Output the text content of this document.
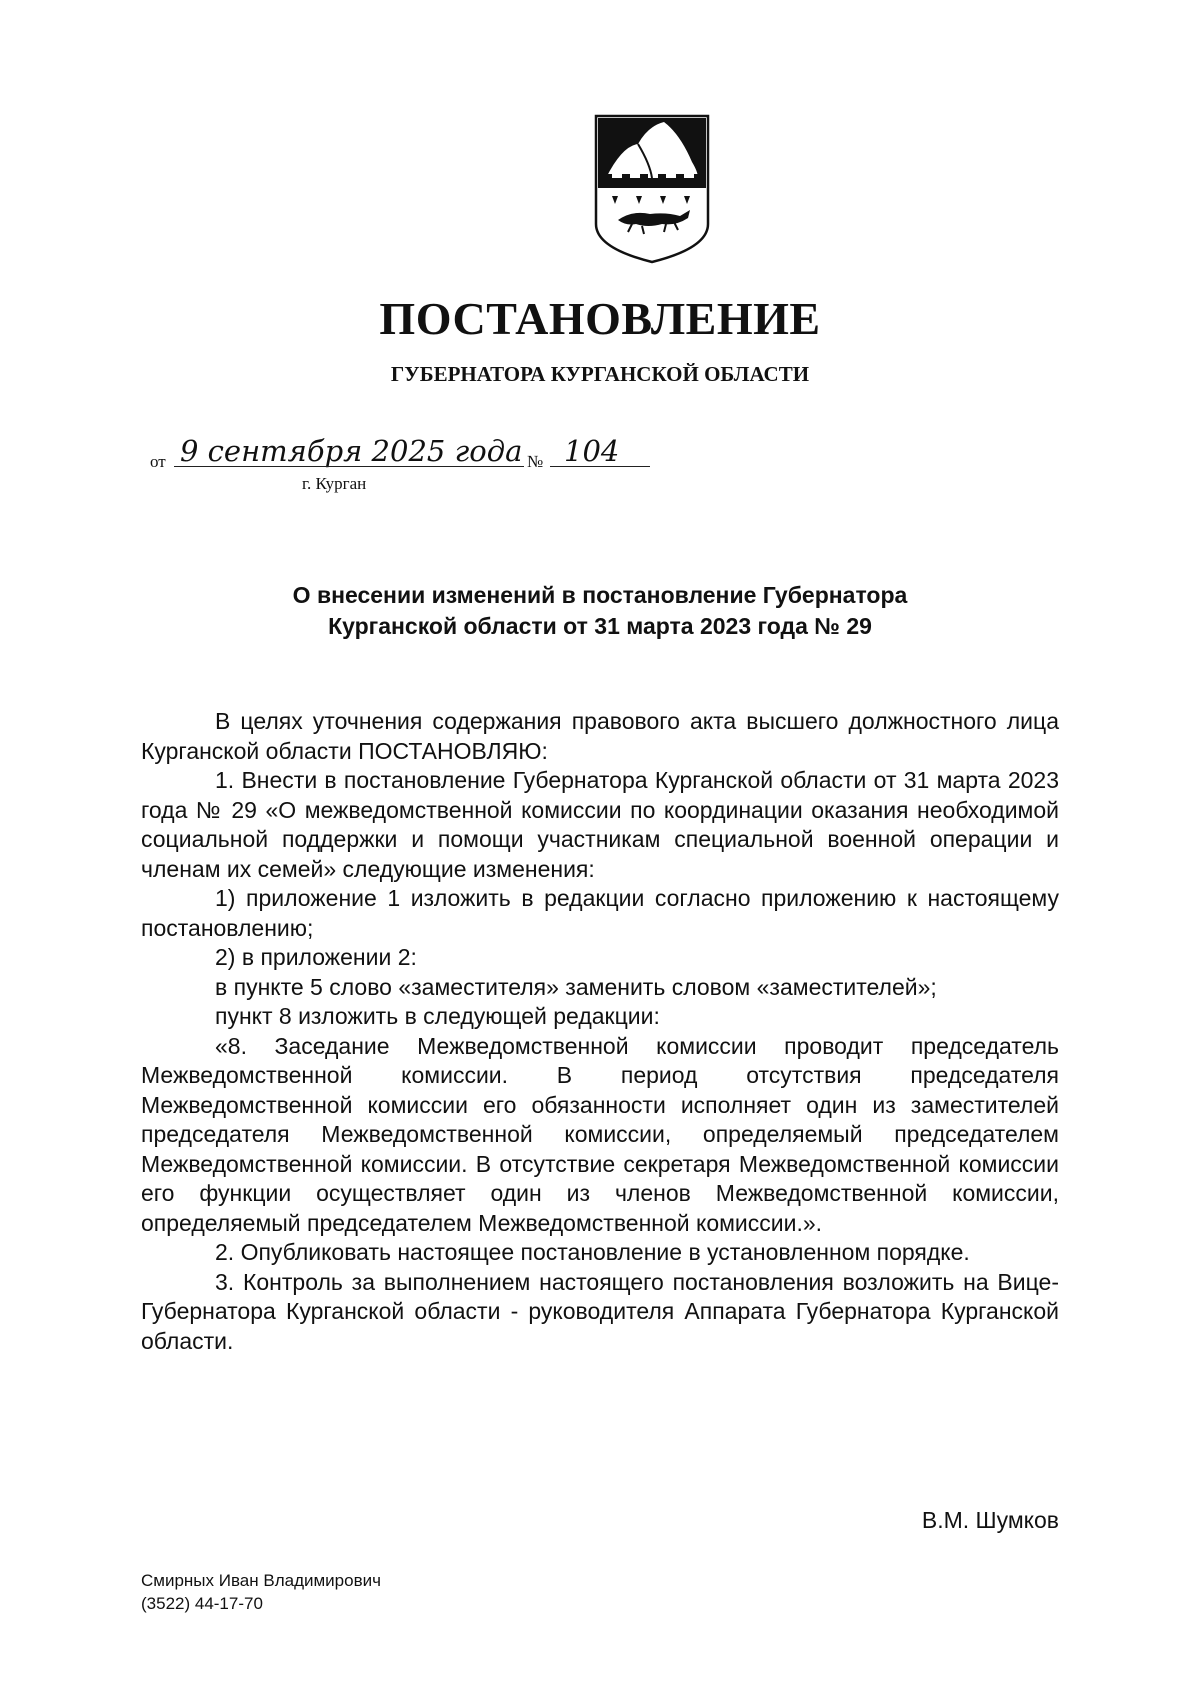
ПОСТАНОВЛЕНИЕ
ГУБЕРНАТОРА КУРГАНСКОЙ ОБЛАСТИ
от 9 сентября 2025 года № 104
г. Курган
О внесении изменений в постановление Губернатора
Курганской области от 31 марта 2023 года № 29

В целях уточнения содержания правового акта высшего должностного лица Курганской области ПОСТАНОВЛЯЮ:

1. Внести в постановление Губернатора Курганской области от 31 марта 2023 года № 29 «О межведомственной комиссии по координации оказания необходимой социальной поддержки и помощи участникам специальной военной операции и членам их семей» следующие изменения:

1) приложение 1 изложить в редакции согласно приложению к настоящему постановлению;

2) в приложении 2:

в пункте 5 слово «заместителя» заменить словом «заместителей»;

пункт 8 изложить в следующей редакции:

«8. Заседание Межведомственной комиссии проводит председатель Межведомственной комиссии. В период отсутствия председателя Межведомственной комиссии его обязанности исполняет один из заместителей председателя Межведомственной комиссии, определяемый председателем Межведомственной комиссии. В отсутствие секретаря Межведомственной комиссии его функции осуществляет один из членов Межведомственной комиссии, определяемый председателем Межведомственной комиссии.».

2. Опубликовать настоящее постановление в установленном порядке.

3. Контроль за выполнением настоящего постановления возложить на Вице-Губернатора Курганской области - руководителя Аппарата Губернатора Курганской области.

В.М. Шумков
Смирных Иван Владимирович
(3522) 44-17-70
